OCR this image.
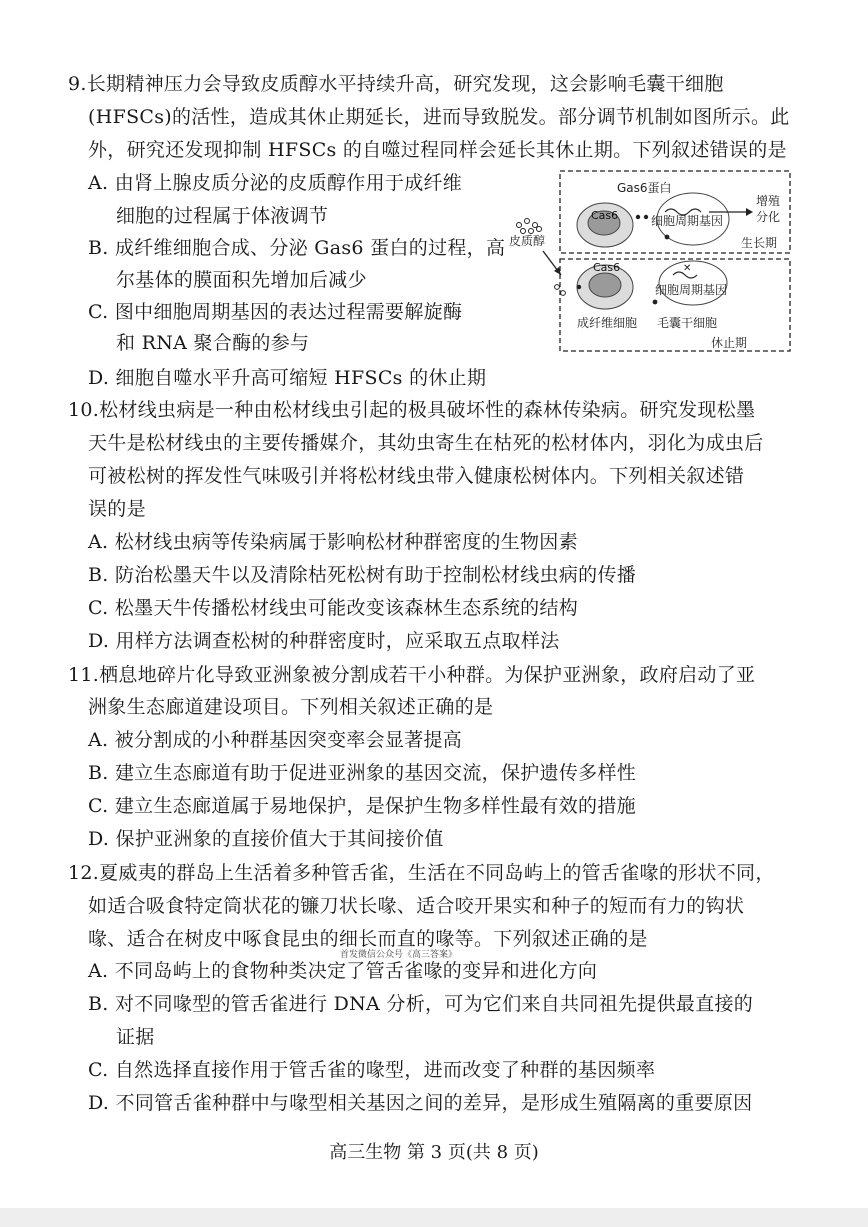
9.长期精神压力会导致皮质醇水平持续升高，研究发现，这会影响毛囊干细胞
(HFSCs)的活性，造成其休止期延长，进而导致脱发。部分调节机制如图所示。此
外，研究还发现抑制 HFSCs 的自噬过程同样会延长其休止期。下列叙述错误的是
A. 由肾上腺皮质分泌的皮质醇作用于成纤维
细胞的过程属于体液调节
B. 成纤维细胞合成、分泌 Gas6 蛋白的过程，高
尔基体的膜面积先增加后减少
C. 图中细胞周期基因的表达过程需要解旋酶
和 RNA 聚合酶的参与
D. 细胞自噬水平升高可缩短 HFSCs 的休止期
皮质醇
Cas6
Gas6蛋白
细胞周期基因
增殖
分化
生长期
Cas6	✕
细胞周期基因
成纤维细胞 毛囊干细胞
休止期
10.松材线虫病是一种由松材线虫引起的极具破坏性的森林传染病。研究发现松墨
天牛是松材线虫的主要传播媒介，其幼虫寄生在枯死的松材体内，羽化为成虫后
可被松树的挥发性气味吸引并将松材线虫带入健康松树体内。下列相关叙述错
误的是
A. 松材线虫病等传染病属于影响松材种群密度的生物因素
B. 防治松墨天牛以及清除枯死松树有助于控制松材线虫病的传播
C. 松墨天牛传播松材线虫可能改变该森林生态系统的结构
D. 用样方法调查松树的种群密度时，应采取五点取样法
11.栖息地碎片化导致亚洲象被分割成若干小种群。为保护亚洲象，政府启动了亚
洲象生态廊道建设项目。下列相关叙述正确的是
A. 被分割成的小种群基因突变率会显著提高
B. 建立生态廊道有助于促进亚洲象的基因交流，保护遗传多样性
C. 建立生态廊道属于易地保护，是保护生物多样性最有效的措施
D. 保护亚洲象的直接价值大于其间接价值
12.夏威夷的群岛上生活着多种管舌雀，生活在不同岛屿上的管舌雀喙的形状不同，
如适合吸食特定筒状花的镰刀状长喙、适合咬开果实和种子的短而有力的钩状
喙、适合在树皮中啄食昆虫的细长而直的喙等。下列叙述正确的是
首发微信公众号《高三答案》
A. 不同岛屿上的食物种类决定了管舌雀喙的变异和进化方向
B. 对不同喙型的管舌雀进行 DNA 分析，可为它们来自共同祖先提供最直接的
证据
C. 自然选择直接作用于管舌雀的喙型，进而改变了种群的基因频率
D. 不同管舌雀种群中与喙型相关基因之间的差异，是形成生殖隔离的重要原因
高三生物 第 3 页(共 8 页)
